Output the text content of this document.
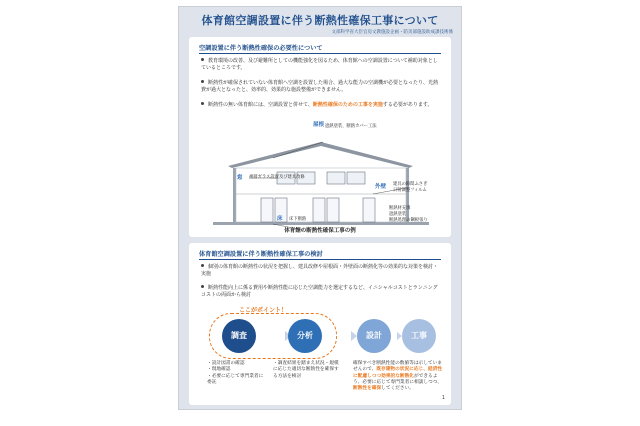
体育館空調設置に伴う断熱性確保工事について
文部科学省大臣官房文教施設企画・防災部施設助成課技術係
空調設置に伴う断熱性確保の必要性について
教育環境の改善、及び避難所としての機能強化を図るため、体育館への空調設置について補助対象としているところです。
断熱性が確保されていない体育館へ空調を設置した場合、過大な能力の空調機が必要となったり、光熱費が過大となったと、効率的、効果的な施設整備ができません。
断熱性の無い体育館には、空調設置と併せて、断熱性確保のための工事を実施する必要があります。
屋根 遮熱塗装、断熱カバー工法
窓 複層ガラス設置及び建具改修
外壁 建具の隙間ふさぎ
日射調整フィルム
断熱材充填
遮熱塗装
断熱処理の鋼板張り
床 床下断熱
体育館の断熱性確保工事の例
体育館空調設置に伴う断熱性確保工事の検討
個別の体育館の断熱性の状況を把握し、建具改修や屋根面・外壁面の断熱化等の効果的な対策を検討・実施
断熱性能向上に係る費用や断熱性能に応じた空調能力を選定するなど、イニシャルコストとランニングコストの両面から検討
ここがポイント！
調査	分析	設計	工事
・ 設計図書の確認
・ 現地確認
・ 必要に応じて専門業者に委託
・ 調査結果を踏まえ状況・規模に応じた適切な断熱性を確保する方法を検討
確保すべき断熱性能の数値等は示していませんので、既存建物の状況に応じ、経済性に配慮しつつ効果的な断熱化ができるよう、必要に応じて専門業者に相談しつつ、断熱性を確保してください。
1
